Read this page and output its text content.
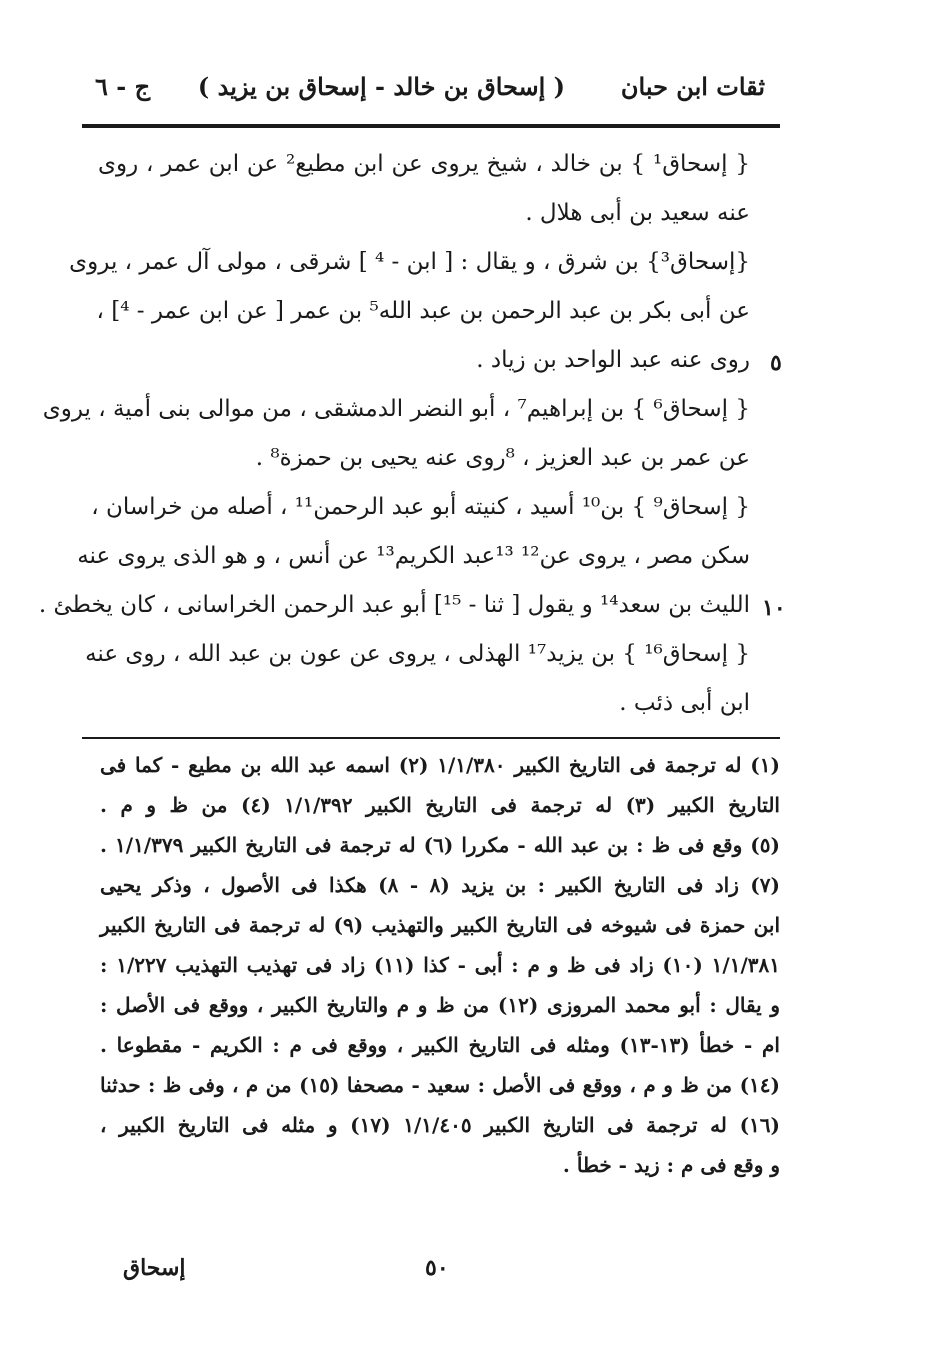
ثقات ابن حبان
( إسحاق بن خالد - إسحاق بن يزيد )
ج - ٦
{ إسحاق¹ } بن خالد ، شيخ يروى عن ابن مطيع² عن ابن عمر ، روى
عنه سعيد بن أبى هلال .
{إسحاق³} بن شرق ، و يقال : [ ابن - ⁴ ] شرقى ، مولى آل عمر ، يروى
عن أبى بكر بن عبد الرحمن بن عبد الله⁵ بن عمر [ عن ابن عمر - ⁴] ،
روى عنه عبد الواحد بن زياد .
{ إسحاق⁶ } بن إبراهيم⁷ ، أبو النضر الدمشقى ، من موالى بنى أمية ، يروى
عن عمر بن عبد العزيز ، ⁸روى عنه يحيى بن حمزة⁸ .
{ إسحاق⁹ } بن¹⁰ أسيد ، كنيته أبو عبد الرحمن¹¹ ، أصله من خراسان ،
سكن مصر ، يروى عن¹² ¹³عبد الكريم¹³ عن أنس ، و هو الذى يروى عنه
الليث بن سعد¹⁴ و يقول [ ثنا - ¹⁵] أبو عبد الرحمن الخراسانى ، كان يخطئ .
{ إسحاق¹⁶ } بن يزيد¹⁷ الهذلى ، يروى عن عون بن عبد الله ، روى عنه
ابن أبى ذئب .
٥
١٠
(١) له ترجمة فى التاريخ الكبير ١/١/٣٨٠ (٢) اسمه عبد الله بن مطيع - كما فى
التاريخ الكبير (٣) له ترجمة فى التاريخ الكبير ١/١/٣٩٢ (٤) من ظ و م .
(٥) وقع فى ظ : بن عبد الله - مكررا (٦) له ترجمة فى التاريخ الكبير ١/١/٣٧٩ .
(٧) زاد فى التاريخ الكبير : بن يزيد (٨ - ٨) هكذا فى الأصول ، وذكر يحيى
ابن حمزة فى شيوخه فى التاريخ الكبير والتهذيب (٩) له ترجمة فى التاريخ الكبير
١/١/٣٨١ (١٠) زاد فى ظ و م : أبى - كذا (١١) زاد فى تهذيب التهذيب ١/٢٢٧ :
و يقال : أبو محمد المروزى (١٢) من ظ و م والتاريخ الكبير ، ووقع فى الأصل :
ام - خطأ (١٣-١٣) ومثله فى التاريخ الكبير ، ووقع فى م : الكريم - مقطوعا .
(١٤) من ظ و م ، ووقع فى الأصل : سعيد - مصحفا (١٥) من م ، وفى ظ : حدثنا
(١٦) له ترجمة فى التاريخ الكبير ١/١/٤٠٥ (١٧) و مثله فى التاريخ الكبير ،
و وقع فى م : زيد - خطأ .
إسحاق	٥٠
